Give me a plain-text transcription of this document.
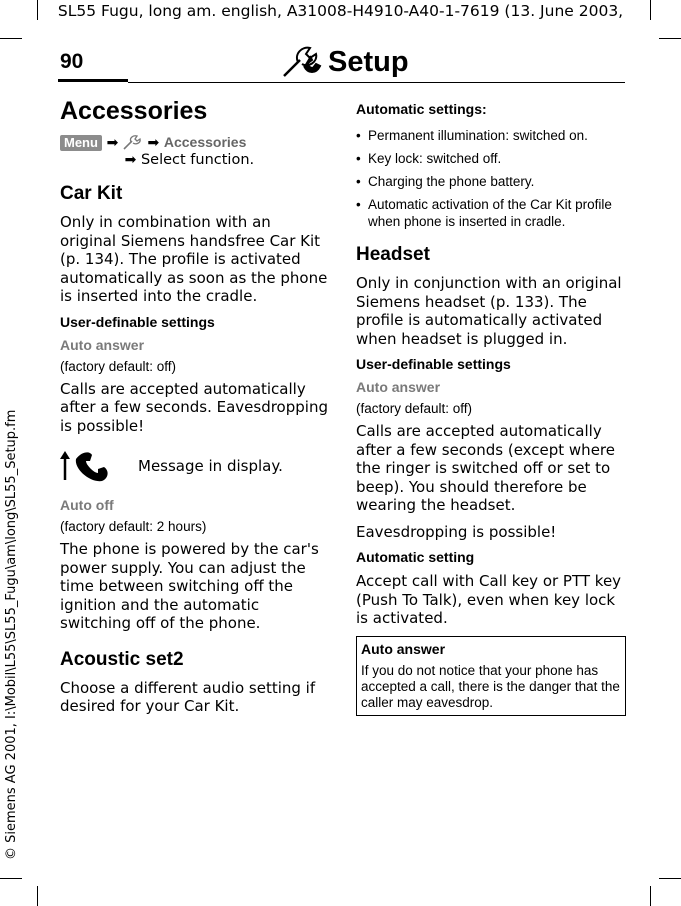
SL55 Fugu, long am. english, A31008-H4910-A40-1-7619 (13. June 2003,
© Siemens AG 2001, I:\Mobil\L55\SL55_Fugu\am\long\SL55_Setup.fm
90	Setup
Accessories
Menu ➡ ➡ Accessories
➡ Select function.
Car Kit
Only in combination with an original Siemens handsfree Car Kit (p. 134). The profile is activated automatically as soon as the phone is inserted into the cradle.
User-definable settings
Auto answer
(factory default: off)
Calls are accepted automatically after a few seconds. Eavesdropping is possible!
Message in display.
Auto off
(factory default: 2 hours)
The phone is powered by the car's power supply. You can adjust the time between switching off the ignition and the automatic switching off of the phone.
Acoustic set2
Choose a different audio setting if desired for your Car Kit.
Automatic settings:
• Permanent illumination: switched on.
• Key lock: switched off.
• Charging the phone battery.
• Automatic activation of the Car Kit profile when phone is inserted in cradle.
Headset
Only in conjunction with an original Siemens headset (p. 133). The profile is automatically activated when headset is plugged in.
User-definable settings
Auto answer
(factory default: off)
Calls are accepted automatically after a few seconds (except where the ringer is switched off or set to beep). You should therefore be wearing the headset.
Eavesdropping is possible!
Automatic setting
Accept call with Call key or PTT key (Push To Talk), even when key lock is activated.
Auto answer
If you do not notice that your phone has accepted a call, there is the danger that the caller may eavesdrop.
